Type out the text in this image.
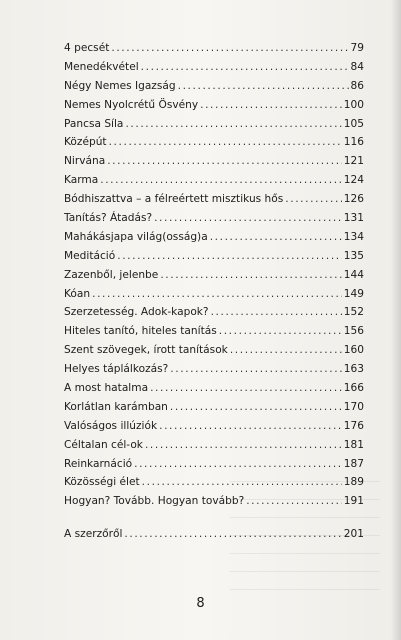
4 pecsét .....	79
Menedékvétel .....	84
Négy Nemes Igazság .....	86
Nemes Nyolcrétű Ösvény .....	100
Pancsa Síla .....	105
Középút .....	116
Nirvána .....	121
Karma .....	124
Bódhiszattva – a félreértett misztikus hős .....	126
Tanítás? Átadás? .....	131
Mahákásjapa világ(osság)a .....	134
Meditáció .....	135
Zazenből, jelenbe .....	144
Kóan .....	149
Szerzetesség. Adok-kapok? .....	152
Hiteles tanító, hiteles tanítás .....	156
Szent szövegek, írott tanítások .....	160
Helyes táplálkozás? .....	163
A most hatalma .....	166
Korlátlan karámban .....	170
Valóságos illúziók .....	176
Céltalan cél-ok .....	181
Reinkarnáció .....	187
Közösségi élet .....	189
Hogyan? Tovább. Hogyan tovább? .....	191
A szerzőről .....	201
8
